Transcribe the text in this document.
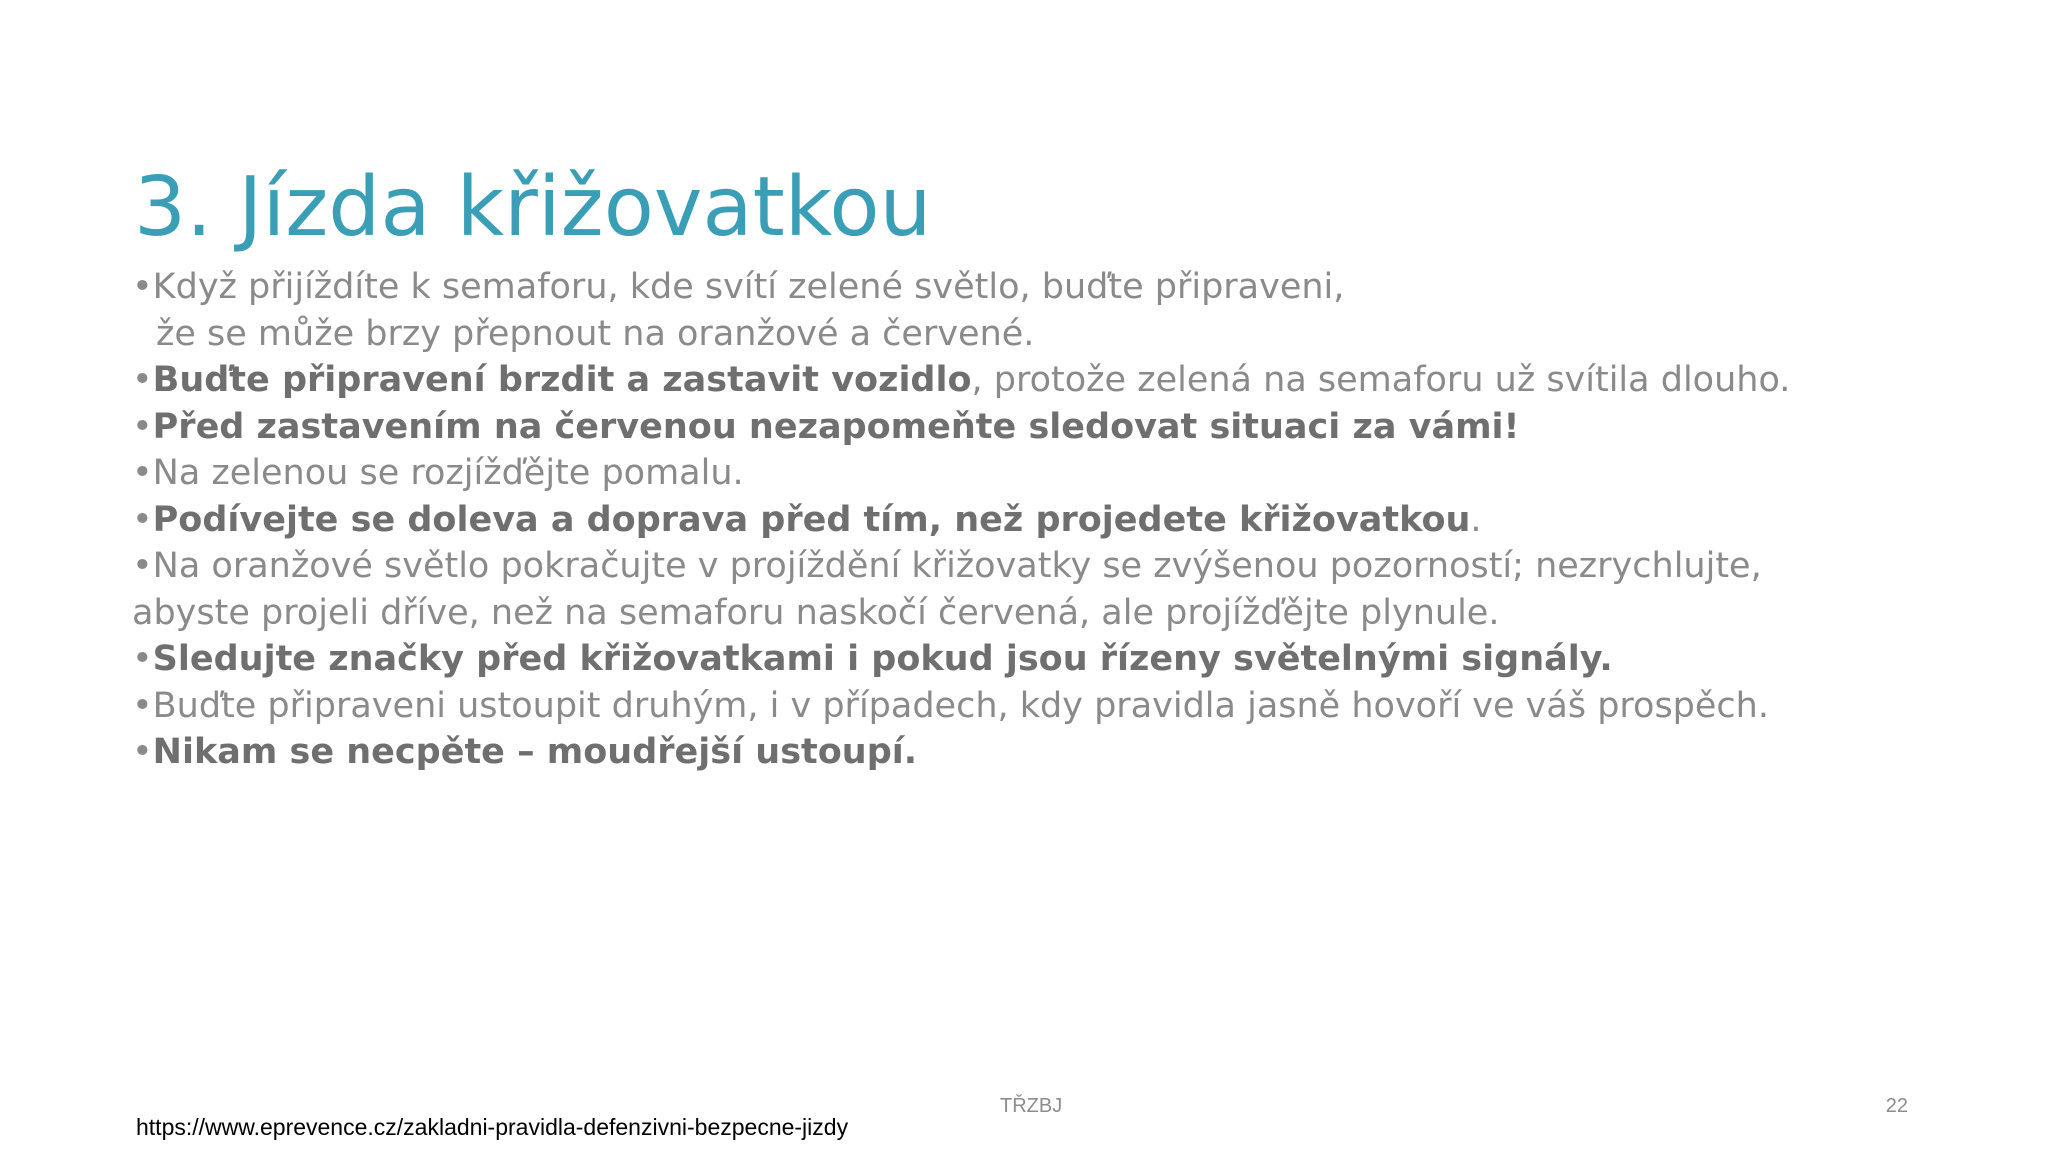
3. Jízda křižovatkou
•Když přijíždíte k semaforu, kde svítí zelené světlo, buďte připraveni,
že se může brzy přepnout na oranžové a červené.
•Buďte připravení brzdit a zastavit vozidlo, protože zelená na semaforu už svítila dlouho.
•Před zastavením na červenou nezapomeňte sledovat situaci za vámi!
•Na zelenou se rozjížďějte pomalu.
•Podívejte se doleva a doprava před tím, než projedete křižovatkou.
•Na oranžové světlo pokračujte v projíždění křižovatky se zvýšenou pozorností; nezrychlujte,
abyste projeli dříve, než na semaforu naskočí červená, ale projížďějte plynule.
•Sledujte značky před křižovatkami i pokud jsou řízeny světelnými signály.
•Buďte připraveni ustoupit druhým, i v případech, kdy pravidla jasně hovoří ve váš prospěch.
•Nikam se necpěte – moudřejší ustoupí.
TŘZBJ	22
https://www.eprevence.cz/zakladni-pravidla-defenzivni-bezpecne-jizdy
